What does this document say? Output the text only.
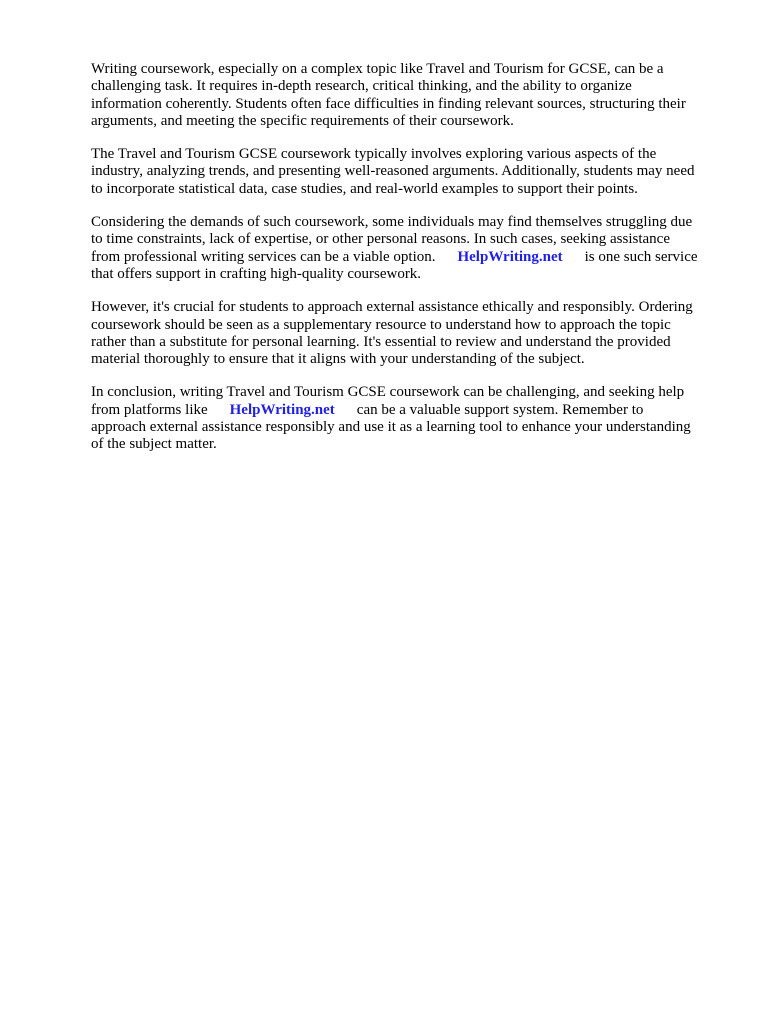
Writing coursework, especially on a complex topic like Travel and Tourism for GCSE, can be a
challenging task. It requires in-depth research, critical thinking, and the ability to organize
information coherently. Students often face difficulties in finding relevant sources, structuring their
arguments, and meeting the specific requirements of their coursework.

The Travel and Tourism GCSE coursework typically involves exploring various aspects of the
industry, analyzing trends, and presenting well-reasoned arguments. Additionally, students may need
to incorporate statistical data, case studies, and real-world examples to support their points.

Considering the demands of such coursework, some individuals may find themselves struggling due
to time constraints, lack of expertise, or other personal reasons. In such cases, seeking assistance
from professional writing services can be a viable option. HelpWriting.net is one such service
that offers support in crafting high-quality coursework.

However, it's crucial for students to approach external assistance ethically and responsibly. Ordering
coursework should be seen as a supplementary resource to understand how to approach the topic
rather than a substitute for personal learning. It's essential to review and understand the provided
material thoroughly to ensure that it aligns with your understanding of the subject.

In conclusion, writing Travel and Tourism GCSE coursework can be challenging, and seeking help
from platforms like HelpWriting.net can be a valuable support system. Remember to
approach external assistance responsibly and use it as a learning tool to enhance your understanding
of the subject matter.
